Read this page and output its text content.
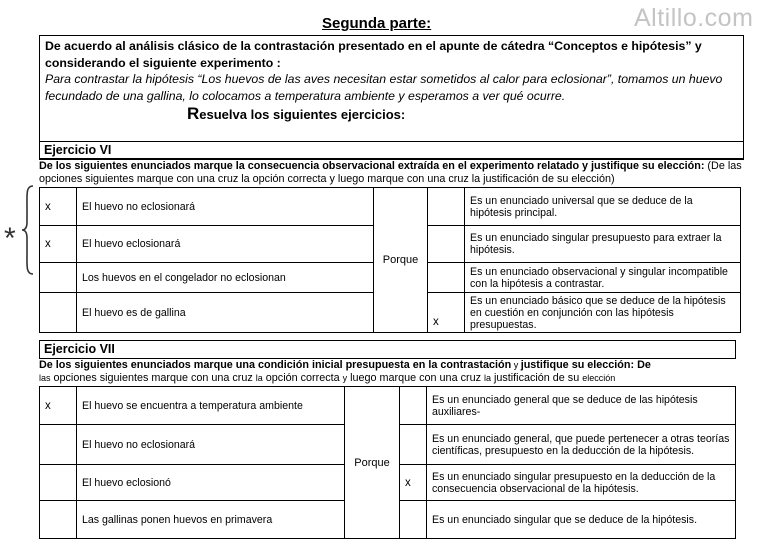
Segunda parte:	Altillo.com
*
De acuerdo al análisis clásico de la contrastación presentado en el apunte de cátedra “Conceptos e hipótesis” y considerando el siguiente experimento :
Para contrastar la hipótesis “Los huevos de las aves necesitan estar sometidos al calor para eclosionar”, tomamos un huevo fecundado de una gallina, lo colocamos a temperatura ambiente y esperamos a ver qué ocurre.
Resuelva los siguientes ejercicios:
Ejercicio VI
De los siguientes enunciados marque la consecuencia observacional extraída en el experimento relatado y justifique su elección: (De las opciones siguientes marque con una cruz la opción correcta y luego marque con una cruz la justificación de su elección)
x	El huevo no eclosionará	Porque		Es un enunciado universal que se deduce de la hipótesis principal.
x	El huevo eclosionará			Es un enunciado singular presupuesto para extraer la hipótesis.
	Los huevos en el congelador no eclosionan			Es un enunciado observacional y singular incompatible con la hipótesis a contrastar.
	El huevo es de gallina		x	Es un enunciado básico que se deduce de la hipótesis en cuestión en conjunción con las hipótesis presupuestas.
Ejercicio VII
De los siguientes enunciados marque una condición inicial presupuesta en la contrastación y justifique su elección: De
las opciones siguientes marque con una cruz la opción correcta y luego marque con una cruz la justificación de su elección
x	El huevo se encuentra a temperatura ambiente	Porque		Es un enunciado general que se deduce de las hipótesis auxiliares-
	El huevo no eclosionará			Es un enunciado general, que puede pertenecer a otras teorías científicas, presupuesto en la deducción de la hipótesis.
	El huevo eclosionó		x	Es un enunciado singular presupuesto en la deducción de la consecuencia observacional de la hipótesis.
	Las gallinas ponen huevos en primavera			Es un enunciado singular que se deduce de la hipótesis.
